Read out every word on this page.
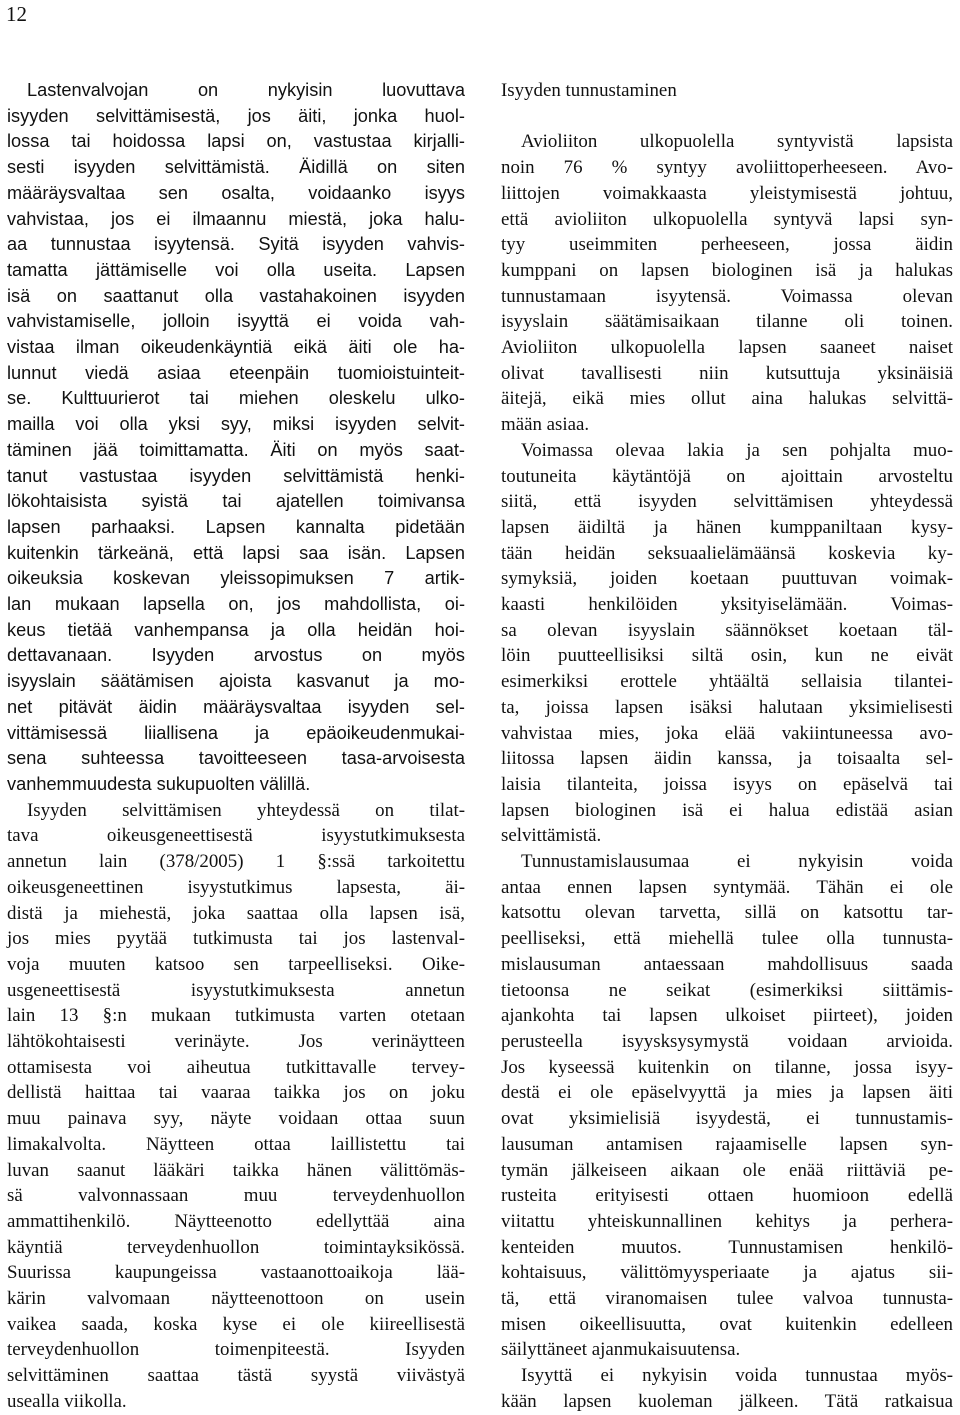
12
Lastenvalvojan on nykyisin luovuttava
isyyden selvittämisestä, jos äiti, jonka huol-
lossa tai hoidossa lapsi on, vastustaa kirjalli-
sesti isyyden selvittämistä. Äidillä on siten
määräysvaltaa sen osalta, voidaanko isyys
vahvistaa, jos ei ilmaannu miestä, joka halu-
aa tunnustaa isyytensä. Syitä isyyden vahvis-
tamatta jättämiselle voi olla useita. Lapsen
isä on saattanut olla vastahakoinen isyyden
vahvistamiselle, jolloin isyyttä ei voida vah-
vistaa ilman oikeudenkäyntiä eikä äiti ole ha-
lunnut viedä asiaa eteenpäin tuomioistuinteit-
se. Kulttuurierot tai miehen oleskelu ulko-
mailla voi olla yksi syy, miksi isyyden selvit-
täminen jää toimittamatta. Äiti on myös saat-
tanut vastustaa isyyden selvittämistä henki-
lökohtaisista syistä tai ajatellen toimivansa
lapsen parhaaksi. Lapsen kannalta pidetään
kuitenkin tärkeänä, että lapsi saa isän. Lapsen
oikeuksia koskevan yleissopimuksen 7 artik-
lan mukaan lapsella on, jos mahdollista, oi-
keus tietää vanhempansa ja olla heidän hoi-
dettavanaan. Isyyden arvostus on myös
isyyslain säätämisen ajoista kasvanut ja mo-
net pitävät äidin määräysvaltaa isyyden sel-
vittämisessä liiallisena ja epäoikeudenmukai-
sena suhteessa tavoitteeseen tasa-arvoisesta
vanhemmuudesta sukupuolten välillä.
Isyyden selvittämisen yhteydessä on tilat-
tava oikeusgeneettisestä isyystutkimuksesta
annetun lain (378/2005) 1 §:ssä tarkoitettu
oikeusgeneettinen isyystutkimus lapsesta, äi-
distä ja miehestä, joka saattaa olla lapsen isä,
jos mies pyytää tutkimusta tai jos lastenval-
voja muuten katsoo sen tarpeelliseksi. Oike-
usgeneettisestä isyystutkimuksesta annetun
lain 13 §:n mukaan tutkimusta varten otetaan
lähtökohtaisesti verinäyte. Jos verinäytteen
ottamisesta voi aiheutua tutkittavalle tervey-
dellistä haittaa tai vaaraa taikka jos on joku
muu painava syy, näyte voidaan ottaa suun
limakalvolta. Näytteen ottaa laillistettu tai
luvan saanut lääkäri taikka hänen välittömäs-
sä valvonnassaan muu terveydenhuollon
ammattihenkilö. Näytteenotto edellyttää aina
käyntiä terveydenhuollon toimintayksikössä.
Suurissa kaupungeissa vastaanottoaikoja lää-
kärin valvomaan näytteenottoon on usein
vaikea saada, koska kyse ei ole kiireellisestä
terveydenhuollon toimenpiteestä. Isyyden
selvittäminen saattaa tästä syystä viivästyä
usealla viikolla.
Isyyden tunnustaminen
Avioliiton ulkopuolella syntyvistä lapsista
noin 76 % syntyy avoliittoperheeseen. Avo-
liittojen voimakkaasta yleistymisestä johtuu,
että avioliiton ulkopuolella syntyvä lapsi syn-
tyy useimmiten perheeseen, jossa äidin
kumppani on lapsen biologinen isä ja halukas
tunnustamaan isyytensä. Voimassa olevan
isyyslain säätämisaikaan tilanne oli toinen.
Avioliiton ulkopuolella lapsen saaneet naiset
olivat tavallisesti niin kutsuttuja yksinäisiä
äitejä, eikä mies ollut aina halukas selvittä-
mään asiaa.
Voimassa olevaa lakia ja sen pohjalta muo-
toutuneita käytäntöjä on ajoittain arvosteltu
siitä, että isyyden selvittämisen yhteydessä
lapsen äidiltä ja hänen kumppaniltaan kysy-
tään heidän seksuaalielämäänsä koskevia ky-
symyksiä, joiden koetaan puuttuvan voimak-
kaasti henkilöiden yksityiselämään. Voimas-
sa olevan isyyslain säännökset koetaan täl-
löin puutteellisiksi siltä osin, kun ne eivät
esimerkiksi erottele yhtäältä sellaisia tilantei-
ta, joissa lapsen isäksi halutaan yksimielisesti
vahvistaa mies, joka elää vakiintuneessa avo-
liitossa lapsen äidin kanssa, ja toisaalta sel-
laisia tilanteita, joissa isyys on epäselvä tai
lapsen biologinen isä ei halua edistää asian
selvittämistä.
Tunnustamislausumaa ei nykyisin voida
antaa ennen lapsen syntymää. Tähän ei ole
katsottu olevan tarvetta, sillä on katsottu tar-
peelliseksi, että miehellä tulee olla tunnusta-
mislausuman antaessaan mahdollisuus saada
tietoonsa ne seikat (esimerkiksi siittämis-
ajankohta tai lapsen ulkoiset piirteet), joiden
perusteella isyysksysymystä voidaan arvioida.
Jos kyseessä kuitenkin on tilanne, jossa isyy-
destä ei ole epäselvyyttä ja mies ja lapsen äiti
ovat yksimielisiä isyydestä, ei tunnustamis-
lausuman antamisen rajaamiselle lapsen syn-
tymän jälkeiseen aikaan ole enää riittäviä pe-
rusteita erityisesti ottaen huomioon edellä
viitattu yhteiskunnallinen kehitys ja perhera-
kenteiden muutos. Tunnustamisen henkilö-
kohtaisuus, välittömyysperiaate ja ajatus sii-
tä, että viranomaisen tulee valvoa tunnusta-
misen oikeellisuutta, ovat kuitenkin edelleen
säilyttäneet ajanmukaisuutensa.
Isyyttä ei nykyisin voida tunnustaa myös-
kään lapsen kuoleman jälkeen. Tätä ratkaisua
